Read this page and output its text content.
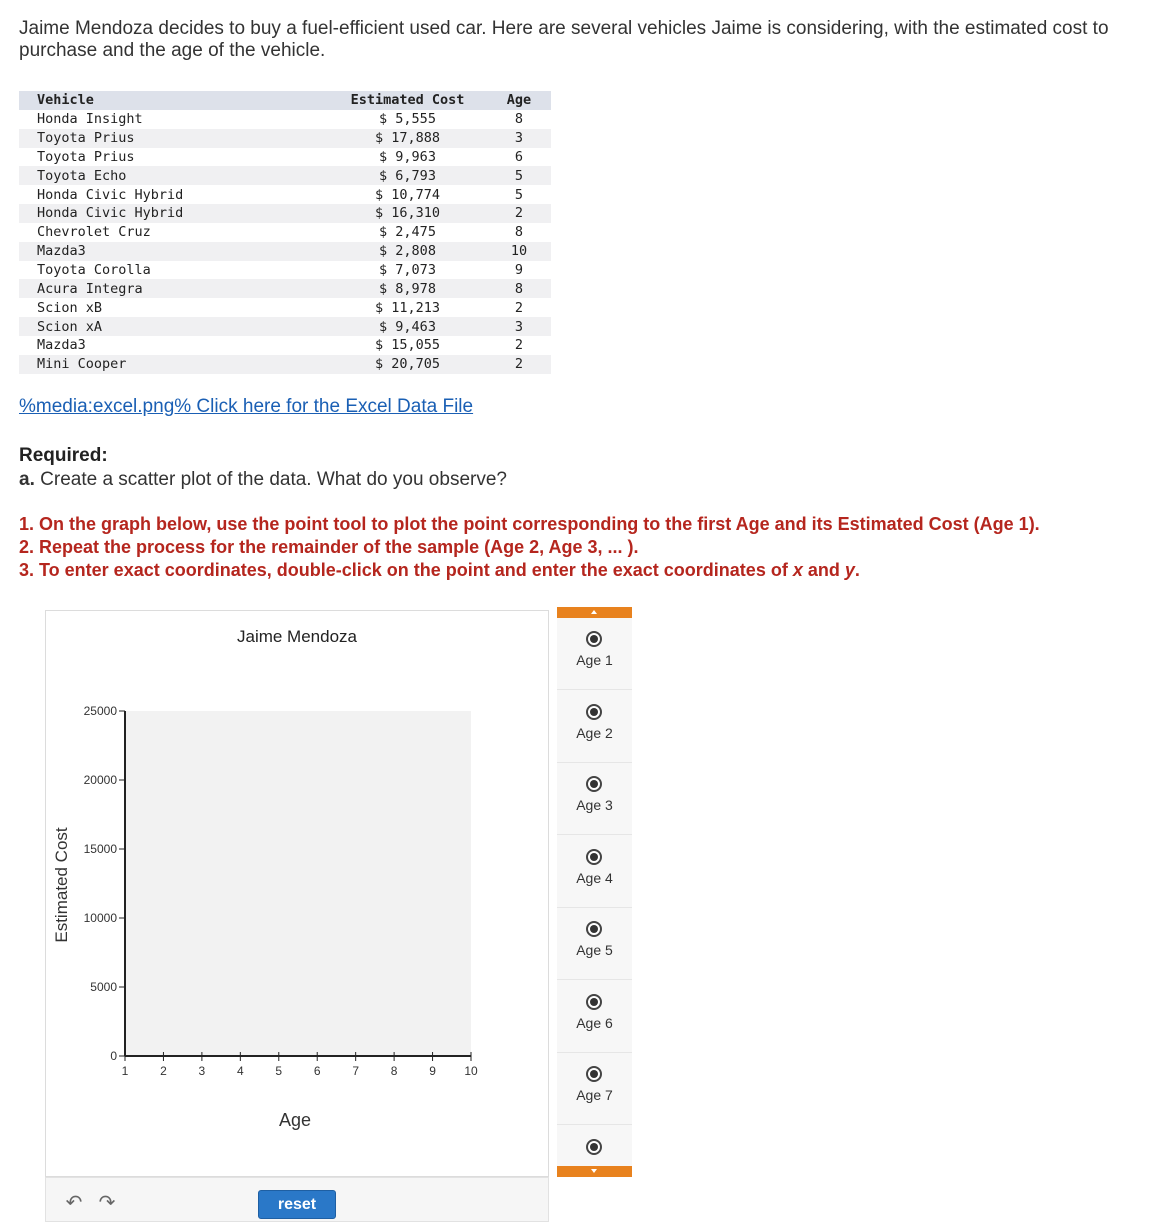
Jaime Mendoza decides to buy a fuel-efficient used car. Here are several vehicles Jaime is considering, with the estimated cost to purchase and the age of the vehicle.
Vehicle	Estimated Cost	Age
Honda Insight	$ 5,555	8
Toyota Prius	$ 17,888	3
Toyota Prius	$ 9,963	6
Toyota Echo	$ 6,793	5
Honda Civic Hybrid	$ 10,774	5
Honda Civic Hybrid	$ 16,310	2
Chevrolet Cruz	$ 2,475	8
Mazda3	$ 2,808	10
Toyota Corolla	$ 7,073	9
Acura Integra	$ 8,978	8
Scion xB	$ 11,213	2
Scion xA	$ 9,463	3
Mazda3	$ 15,055	2
Mini Cooper	$ 20,705	2
%media:excel.png% Click here for the Excel Data File
Required:
a. Create a scatter plot of the data. What do you observe?
1. On the graph below, use the point tool to plot the point corresponding to the first Age and its Estimated Cost (Age 1).
2. Repeat the process for the remainder of the sample (Age 2, Age 3, ... ).
3. To enter exact coordinates, double-click on the point and enter the exact coordinates of x and y.
Jaime Mendoza
0
5000
10000
15000
20000
25000
1	2	3	4	5	6	7	8	9 10
Age
Estimated Cost
Age 1
Age 2
Age 3
Age 4
Age 5
Age 6
Age 7
↶ ↷	reset
